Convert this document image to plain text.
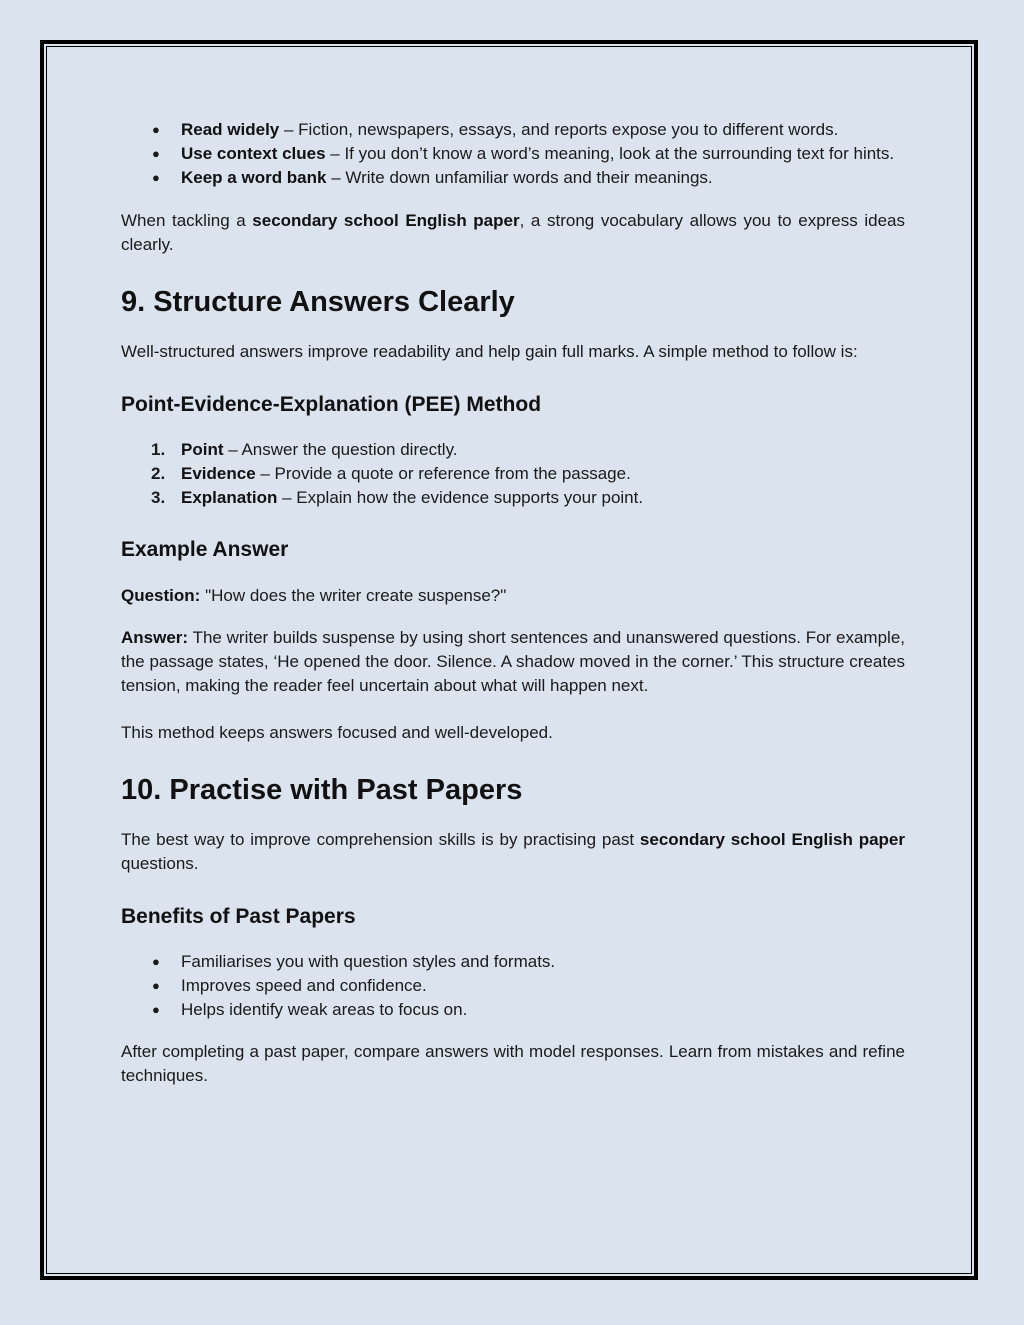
● Read widely – Fiction, newspapers, essays, and reports expose you to different words.
● Use context clues – If you don’t know a word’s meaning, look at the surrounding text for hints.
● Keep a word bank – Write down unfamiliar words and their meanings.

When tackling a secondary school English paper, a strong vocabulary allows you to express ideas clearly.

9. Structure Answers Clearly

Well-structured answers improve readability and help gain full marks. A simple method to follow is:

Point-Evidence-Explanation (PEE) Method
1. Point – Answer the question directly.
2. Evidence – Provide a quote or reference from the passage.
3. Explanation – Explain how the evidence supports your point.
Example Answer

Question: "How does the writer create suspense?"

Answer: The writer builds suspense by using short sentences and unanswered questions. For example, the passage states, ‘He opened the door. Silence. A shadow moved in the corner.’ This structure creates tension, making the reader feel uncertain about what will happen next.

This method keeps answers focused and well-developed.

10. Practise with Past Papers

The best way to improve comprehension skills is by practising past secondary school English paper questions.

Benefits of Past Papers
● Familiarises you with question styles and formats.
● Improves speed and confidence.
● Helps identify weak areas to focus on.

After completing a past paper, compare answers with model responses. Learn from mistakes and refine techniques.
